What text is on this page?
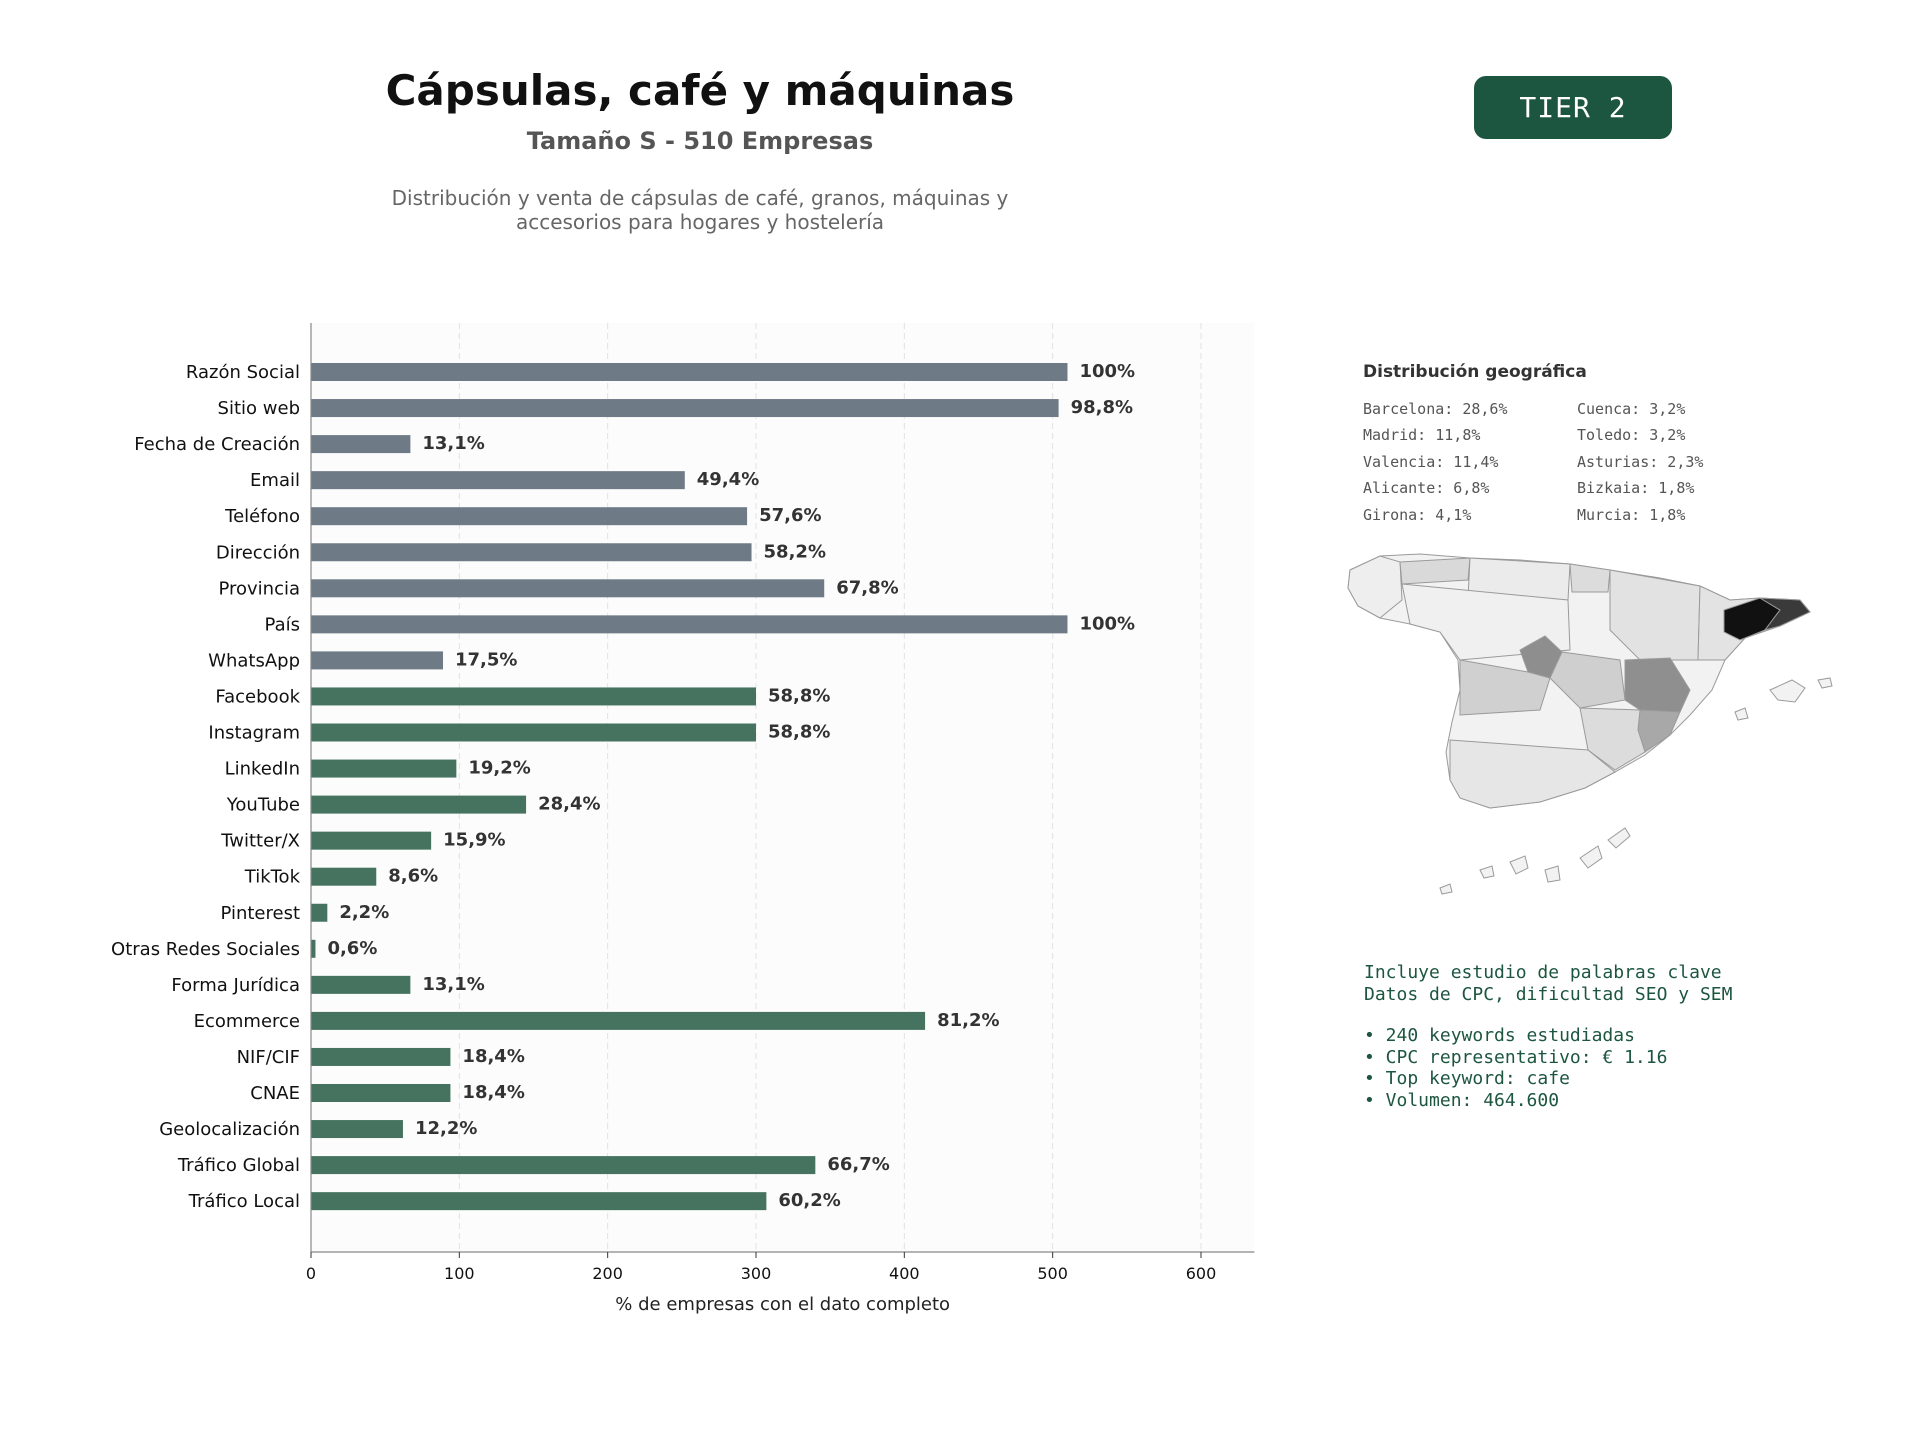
Cápsulas, café y máquinas
Tamaño S - 510 Empresas
Distribución y venta de cápsulas de café, granos, máquinas y
accesorios para hogares y hostelería
TIER 2
Razón Social	100%
Sitio web	98,8%
Fecha de Creación	13,1%
Email	49,4%
Teléfono	57,6%
Dirección	58,2%
Provincia	67,8%
País	100%
WhatsApp	17,5%
Facebook	58,8%
Instagram	58,8%
LinkedIn	19,2%
YouTube	28,4%
Twitter/X	15,9%
TikTok	8,6%
Pinterest 2,2%
Otras Redes Sociales 0,6%
Forma Jurídica	13,1%
Ecommerce	81,2%
NIF/CIF	18,4%
CNAE	18,4%
Geolocalización	12,2%
Tráfico Global	66,7%
Tráfico Local	60,2%
0	100	200	300	400	500	600
% de empresas con el dato completo
Distribución geográfica
Barcelona: 28,6%
Madrid: 11,8%
Valencia: 11,4%
Alicante: 6,8%
Girona: 4,1%
Cuenca: 3,2%
Toledo: 3,2%
Asturias: 2,3%
Bizkaia: 1,8%
Murcia: 1,8%
Incluye estudio de palabras clave
Datos de CPC, dificultad SEO y SEM
• 240 keywords estudiadas
• CPC representativo: € 1.16
• Top keyword: cafe
• Volumen: 464.600
